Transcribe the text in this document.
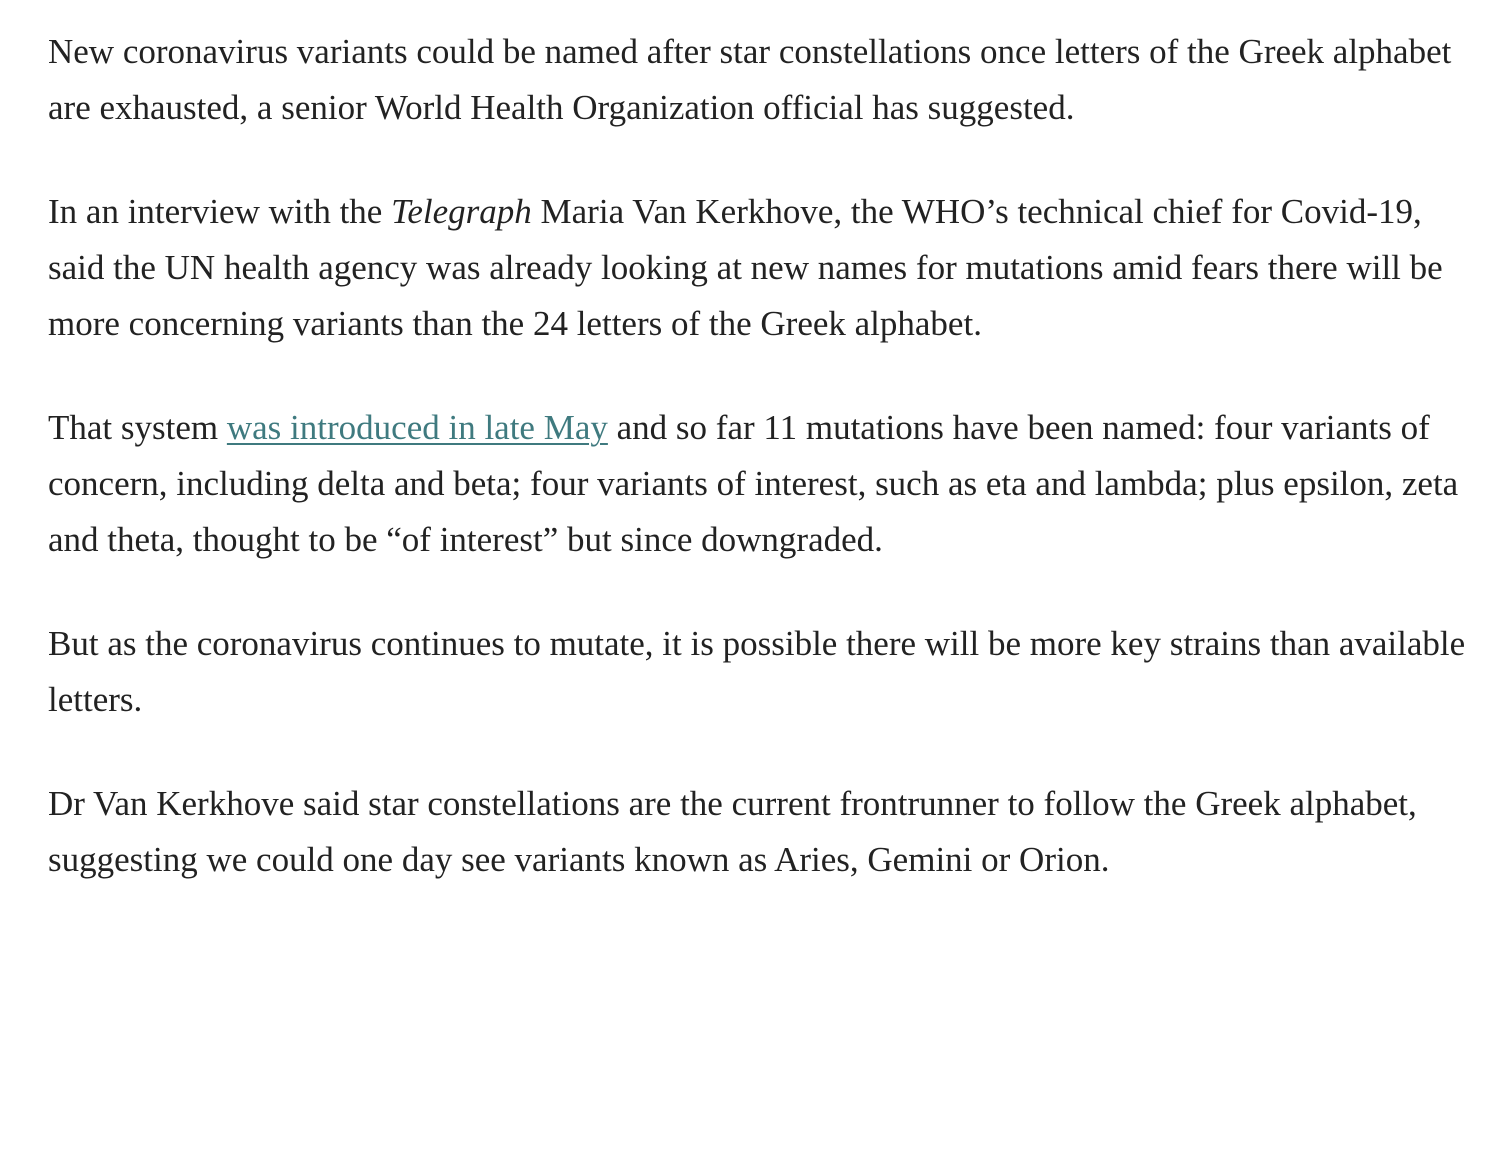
New coronavirus variants could be named after star constellations once letters of the Greek alphabet are exhausted, a senior World Health Organization official has suggested.

In an interview with the Telegraph Maria Van Kerkhove, the WHO’s technical chief for Covid-19, said the UN health agency was already looking at new names for mutations amid fears there will be more concerning variants than the 24 letters of the Greek alphabet.

That system was introduced in late May and so far 11 mutations have been named: four variants of concern, including delta and beta; four variants of interest, such as eta and lambda; plus epsilon, zeta and theta, thought to be “of interest” but since downgraded.

But as the coronavirus continues to mutate, it is possible there will be more key strains than available letters.

Dr Van Kerkhove said star constellations are the current frontrunner to follow the Greek alphabet, suggesting we could one day see variants known as Aries, Gemini or Orion.
